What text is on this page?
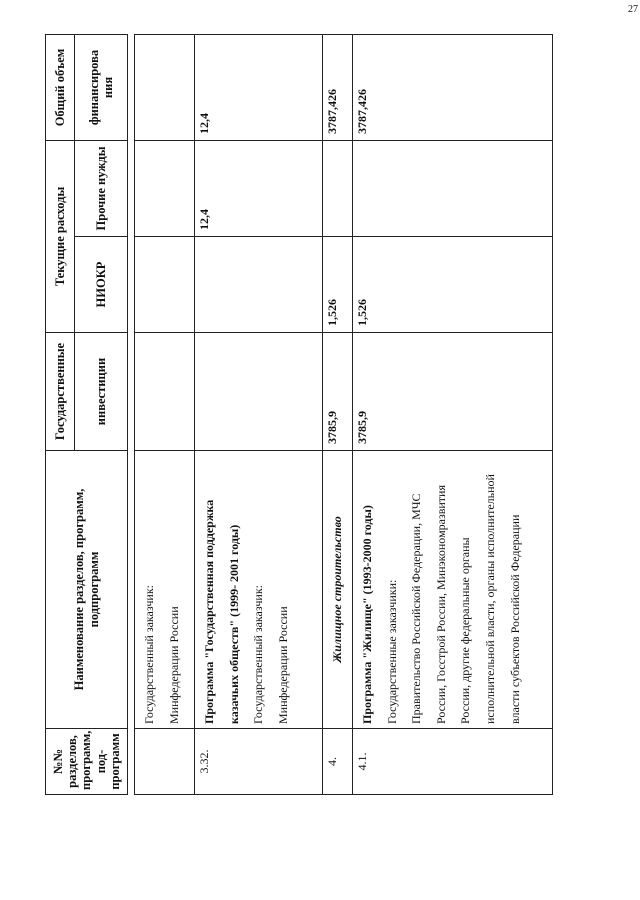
27
№№ разделов, программ, под- программ	Наименование разделов, программ, подпрограмм	Государственные	Текущие расходы		Общий объем
		инвестиции	НИОКР	Прочие нужды	финансирова ния

	Государственный заказчик: Минфедерации России				

3.32.	Программа "Государственная поддержка казачьих обществ" (1999- 2001 годы) Государственный заказчик: Минфедерации России			12,4	12,4
4.	Жилищное строительство	3785,9	1,526		3787,426
4.1.	Программа "Жилище" (1993-2000 годы) Государственные заказчики: Правительство Российской Федерации, МЧС России, Госстрой России, Минэкономразвития России, другие федеральные органы исполнительной власти, органы исполнительной власти субъектов Российской Федерации	3785,9	1,526		3787,426
